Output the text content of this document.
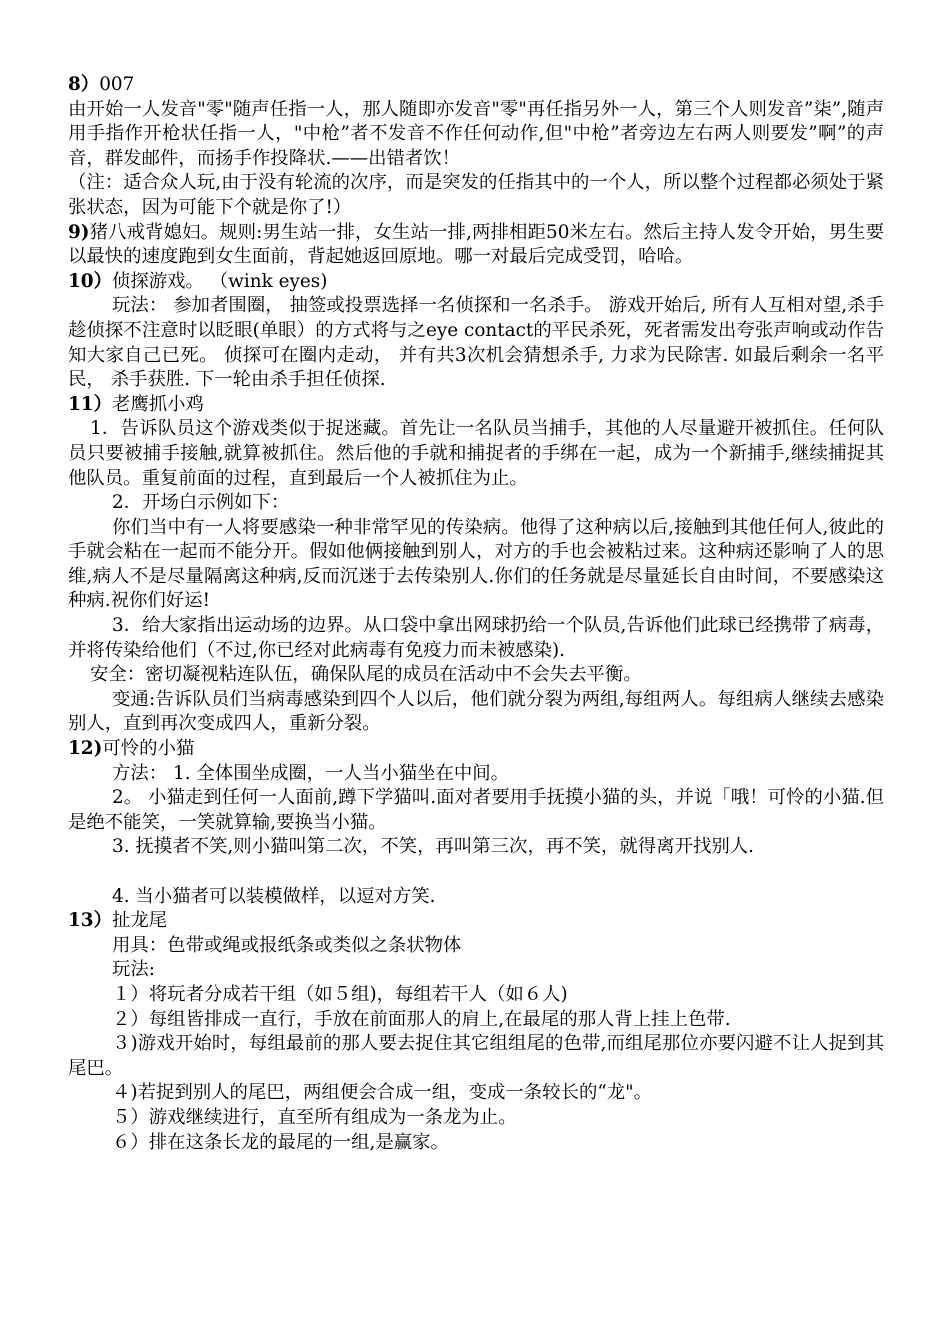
8）007

由开始一人发音"零"随声任指一人，那人随即亦发音"零"再任指另外一人，第三个人则发音”柒”,随声用手指作开枪状任指一人，"中枪”者不发音不作任何动作,但"中枪”者旁边左右两人则要发”啊”的声音，群发邮件，而扬手作投降状.——出错者饮！

（注：适合众人玩,由于没有轮流的次序，而是突发的任指其中的一个人，所以整个过程都必须处于紧张状态，因为可能下个就是你了!）

9)猪八戒背媳妇。规则:男生站一排，女生站一排,两排相距50米左右。然后主持人发令开始，男生要以最快的速度跑到女生面前，背起她返回原地。哪一对最后完成受罚，哈哈。

10）侦探游戏。 （wink eyes)

玩法： 参加者围圈， 抽签或投票选择一名侦探和一名杀手。 游戏开始后, 所有人互相对望,杀手趁侦探不注意时以眨眼(单眼）的方式将与之eye contact的平民杀死，死者需发出夸张声响或动作告知大家自己已死。 侦探可在圈内走动， 并有共3次机会猜想杀手, 力求为民除害. 如最后剩余一名平民， 杀手获胜. 下一轮由杀手担任侦探.

11）老鹰抓小鸡

1．告诉队员这个游戏类似于捉迷藏。首先让一名队员当捕手，其他的人尽量避开被抓住。任何队员只要被捕手接触,就算被抓住。然后他的手就和捕捉者的手绑在一起，成为一个新捕手,继续捕捉其他队员。重复前面的过程，直到最后一个人被抓住为止。

2．开场白示例如下：

你们当中有一人将要感染一种非常罕见的传染病。他得了这种病以后,接触到其他任何人,彼此的手就会粘在一起而不能分开。假如他俩接触到别人，对方的手也会被粘过来。这种病还影响了人的思维,病人不是尽量隔离这种病,反而沉迷于去传染别人.你们的任务就是尽量延长自由时间，不要感染这种病.祝你们好运!

3．给大家指出运动场的边界。从口袋中拿出网球扔给一个队员,告诉他们此球已经携带了病毒，并将传染给他们（不过,你已经对此病毒有免疫力而未被感染).

安全：密切凝视粘连队伍，确保队尾的成员在活动中不会失去平衡。

变通:告诉队员们当病毒感染到四个人以后，他们就分裂为两组,每组两人。每组病人继续去感染别人，直到再次变成四人，重新分裂。

12)可怜的小猫

方法： 1. 全体围坐成圈，一人当小猫坐在中间。

2。 小猫走到任何一人面前,蹲下学猫叫.面对者要用手抚摸小猫的头，并说「哦！可怜的小猫.但是绝不能笑，一笑就算输,要换当小猫。

3. 抚摸者不笑,则小猫叫第二次，不笑，再叫第三次，再不笑，就得离开找别人.

4. 当小猫者可以装模做样，以逗对方笑.

13）扯龙尾

用具：色带或绳或报纸条或类似之条状物体

玩法:

１）将玩者分成若干组（如５组)，每组若干人（如６人)

２）每组皆排成一直行，手放在前面那人的肩上,在最尾的那人背上挂上色带.

３)游戏开始时，每组最前的那人要去捉住其它组组尾的色带,而组尾那位亦要闪避不让人捉到其尾巴。

４)若捉到别人的尾巴，两组便会合成一组，变成一条较长的“龙"。

５）游戏继续进行，直至所有组成为一条龙为止。

６）排在这条长龙的最尾的一组,是赢家。
